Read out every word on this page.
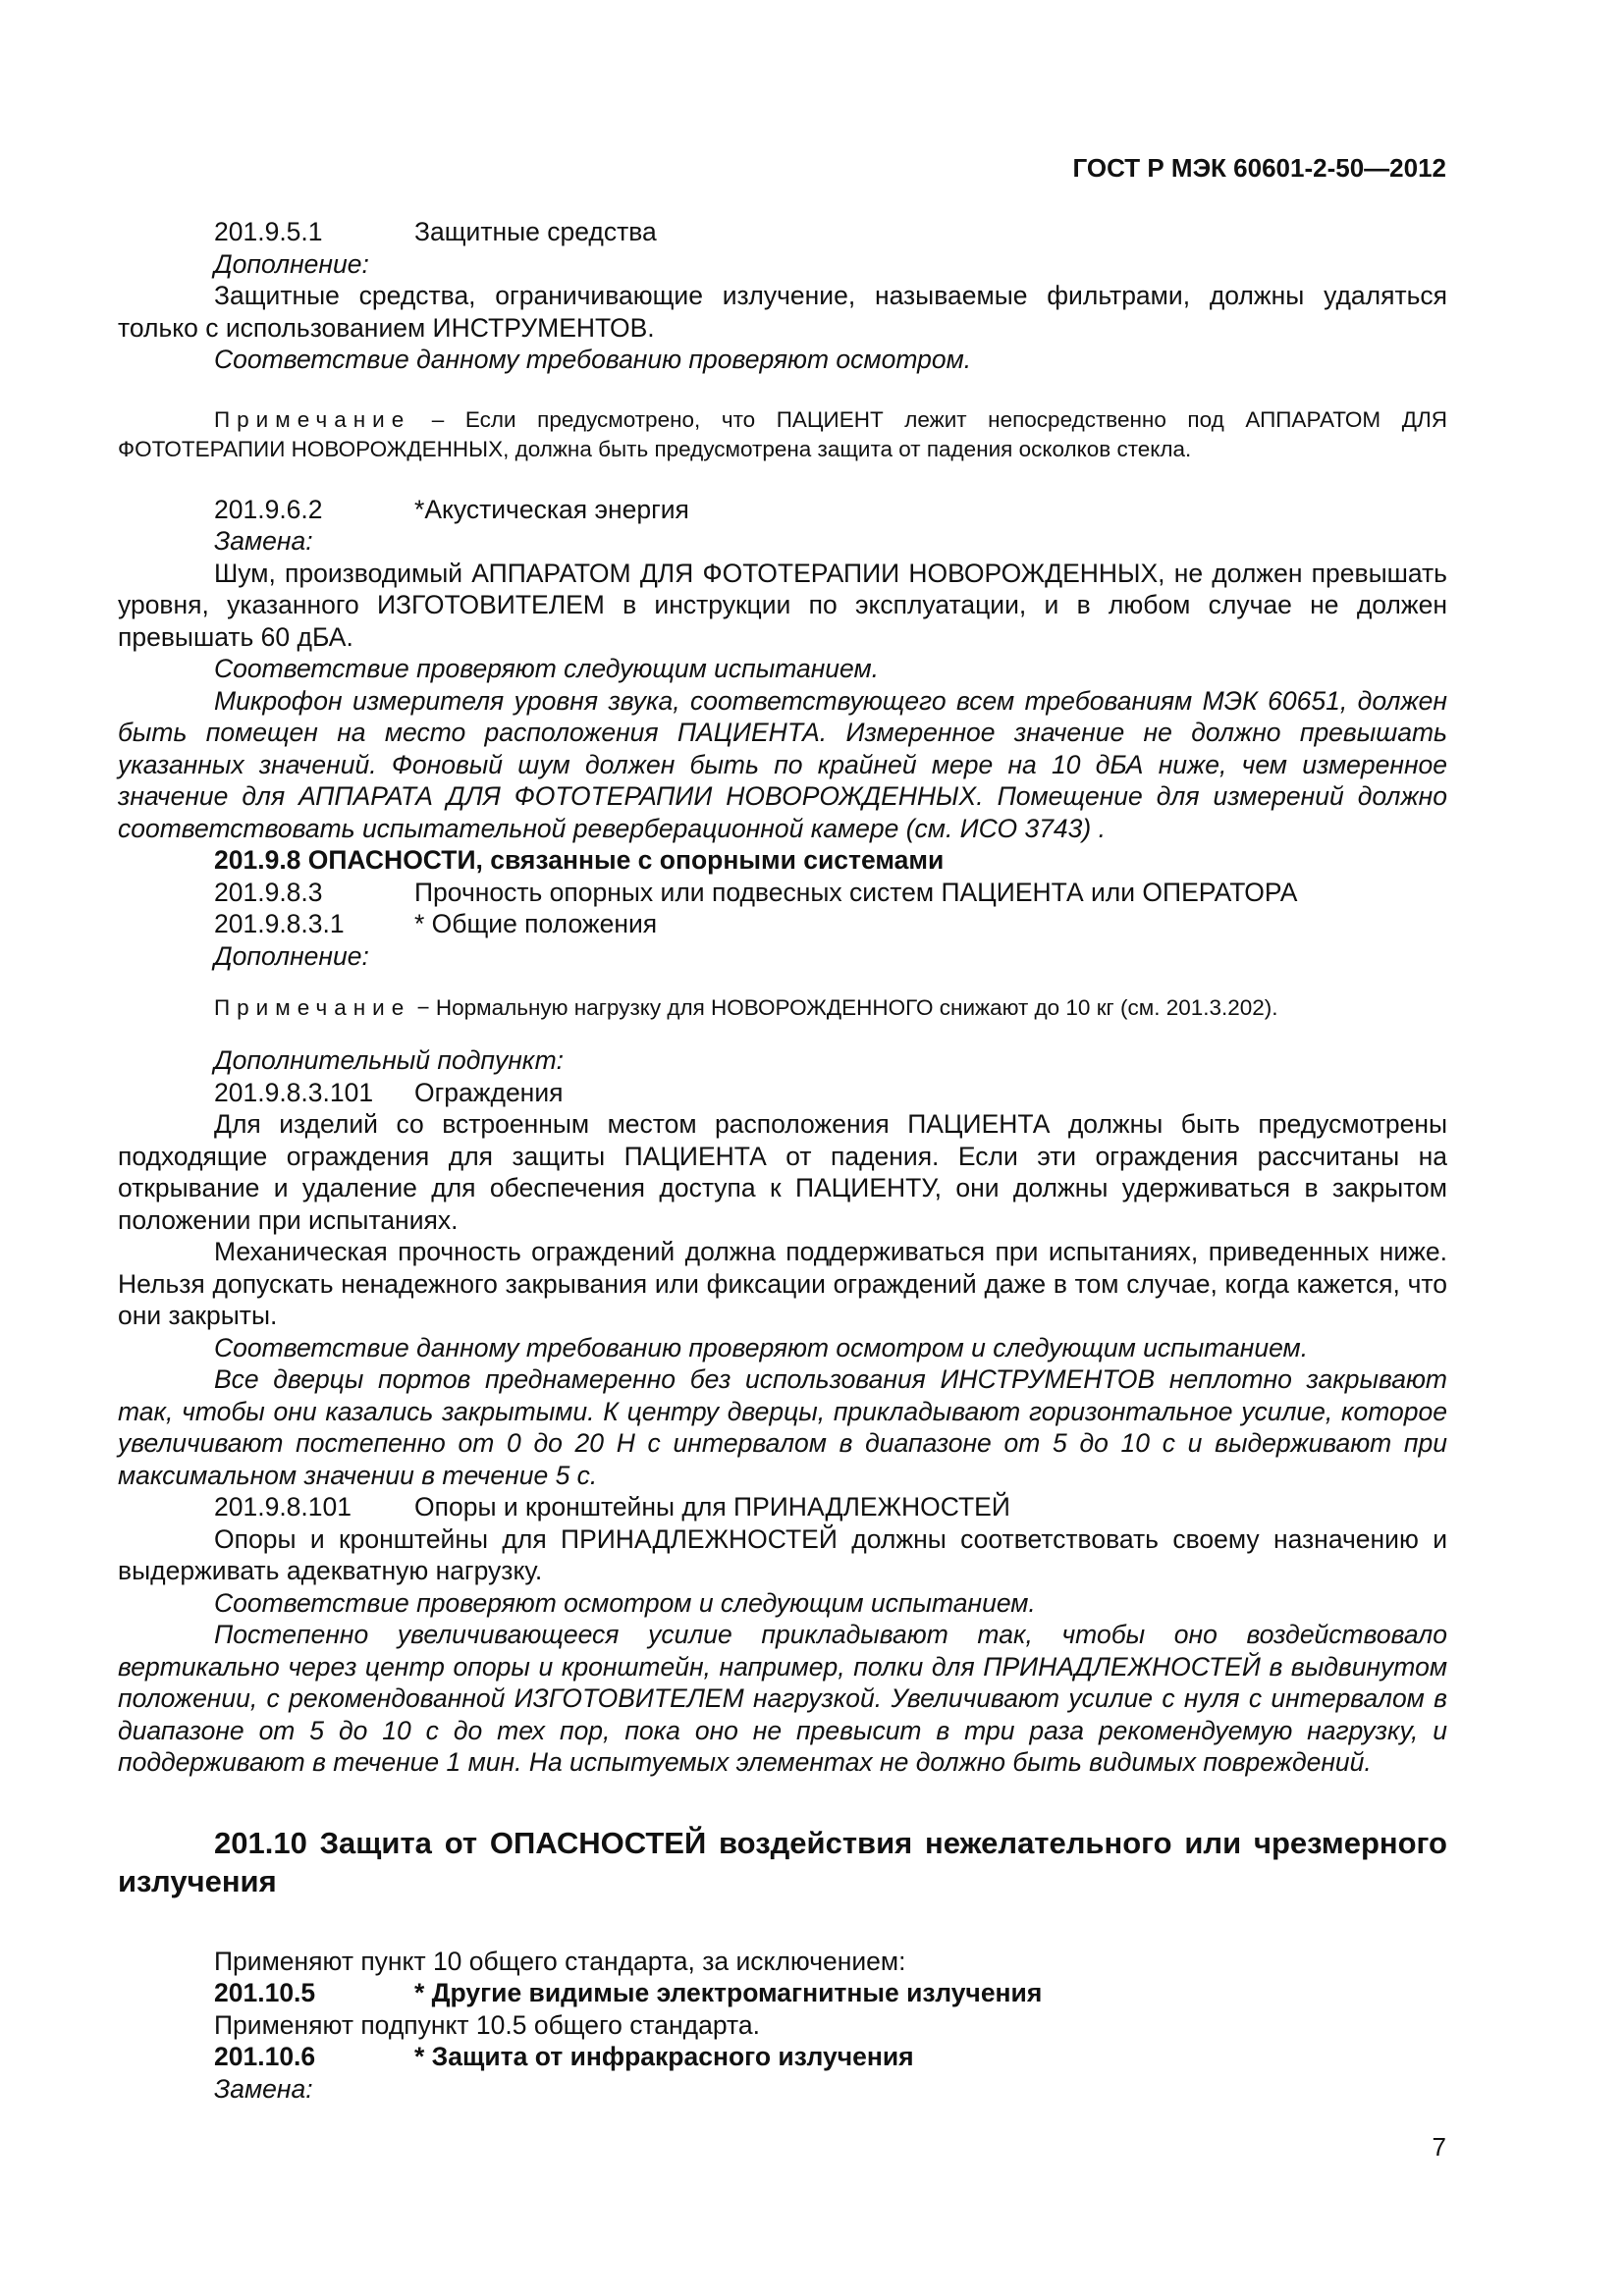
ГОСТ Р МЭК 60601-2-50—2012
201.9.5.1	Защитные средства
Дополнение:
Защитные средства, ограничивающие излучение, называемые фильтрами, должны удаляться только с использованием ИНСТРУМЕНТОВ.
Соответствие данному требованию проверяют осмотром.
Примечание – Если предусмотрено, что ПАЦИЕНТ лежит непосредственно под АППАРАТОМ ДЛЯ ФОТОТЕРАПИИ НОВОРОЖДЕННЫХ, должна быть предусмотрена защита от падения осколков стекла.
201.9.6.2	*Акустическая энергия
Замена:
Шум, производимый АППАРАТОМ ДЛЯ ФОТОТЕРАПИИ НОВОРОЖДЕННЫХ, не должен превышать уровня, указанного ИЗГОТОВИТЕЛЕМ в инструкции по эксплуатации, и в любом случае не должен превышать 60 дБА.
Соответствие проверяют следующим испытанием.
Микрофон измерителя уровня звука, соответствующего всем требованиям МЭК 60651, должен быть помещен на место расположения ПАЦИЕНТА. Измеренное значение не должно превышать указанных значений. Фоновый шум должен быть по крайней мере на 10 дБА ниже, чем измеренное значение для АППАРАТА ДЛЯ ФОТОТЕРАПИИ НОВОРОЖДЕННЫХ. Помещение для измерений должно соответствовать испытательной реверберационной камере (см. ИСО 3743) .
201.9.8 ОПАСНОСТИ, связанные с опорными системами
201.9.8.3	Прочность опорных или подвесных систем ПАЦИЕНТА или ОПЕРАТОРА
201.9.8.3.1	* Общие положения
Дополнение:
Примечание − Нормальную нагрузку для НОВОРОЖДЕННОГО снижают до 10 кг (см. 201.3.202).
Дополнительный подпункт:
201.9.8.3.101 Ограждения
Для изделий со встроенным местом расположения ПАЦИЕНТА должны быть предусмотрены подходящие ограждения для защиты ПАЦИЕНТА от падения. Если эти ограждения рассчитаны на открывание и удаление для обеспечения доступа к ПАЦИЕНТУ, они должны удерживаться в закрытом положении при испытаниях.
Механическая прочность ограждений должна поддерживаться при испытаниях, приведенных ниже. Нельзя допускать ненадежного закрывания или фиксации ограждений даже в том случае, когда кажется, что они закрыты.
Соответствие данному требованию проверяют осмотром и следующим испытанием.
Все дверцы портов преднамеренно без использования ИНСТРУМЕНТОВ неплотно закрывают так, чтобы они казались закрытыми. К центру дверцы, прикладывают горизонтальное усилие, которое увеличивают постепенно от 0 до 20 Н с интервалом в диапазоне от 5 до 10 с и выдерживают при максимальном значении в течение 5 с.
201.9.8.101 Опоры и кронштейны для ПРИНАДЛЕЖНОСТЕЙ
Опоры и кронштейны для ПРИНАДЛЕЖНОСТЕЙ должны соответствовать своему назначению и выдерживать адекватную нагрузку.
Соответствие проверяют осмотром и следующим испытанием.
Постепенно увеличивающееся усилие прикладывают так, чтобы оно воздействовало вертикально через центр опоры и кронштейн, например, полки для ПРИНАДЛЕЖНОСТЕЙ в выдвинутом положении, с рекомендованной ИЗГОТОВИТЕЛЕМ нагрузкой. Увеличивают усилие с нуля с интервалом в диапазоне от 5 до 10 с до тех пор, пока оно не превысит в три раза рекомендуемую нагрузку, и поддерживают в течение 1 мин. На испытуемых элементах не должно быть видимых повреждений.
201.10 Защита от ОПАСНОСТЕЙ воздействия нежелательного или чрезмерного излучения
Применяют пункт 10 общего стандарта, за исключением:
201.10.5	* Другие видимые электромагнитные излучения
Применяют подпункт 10.5 общего стандарта.
201.10.6	* Защита от инфракрасного излучения
Замена:
7
